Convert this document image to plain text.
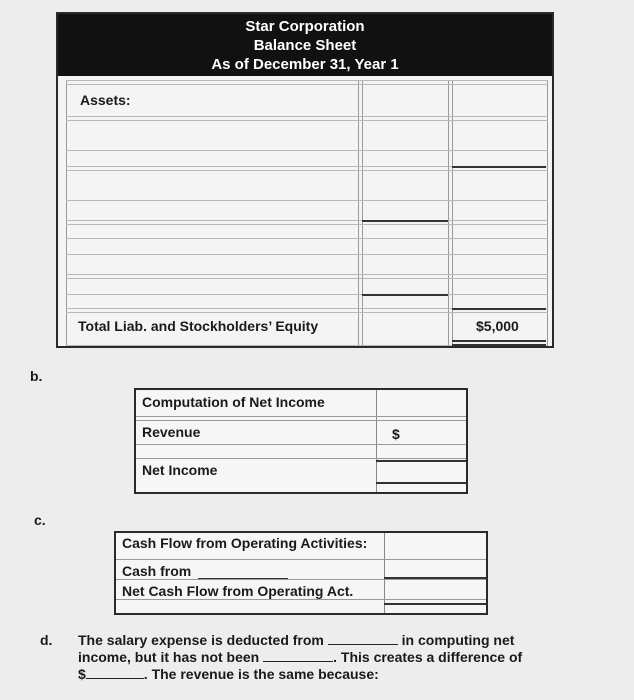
Star Corporation
Balance Sheet
As of December 31, Year 1
Assets:
Total Liab. and Stockholders’ Equity	$5,000
b.
Computation of Net Income
Revenue	$
Net Income
c.
Cash Flow from Operating Activities:
Cash from
Net Cash Flow from Operating Act.
d. The salary expense is deducted from	in computing net
income, but it has not been	. This creates a difference of
$	. The revenue is the same because:
